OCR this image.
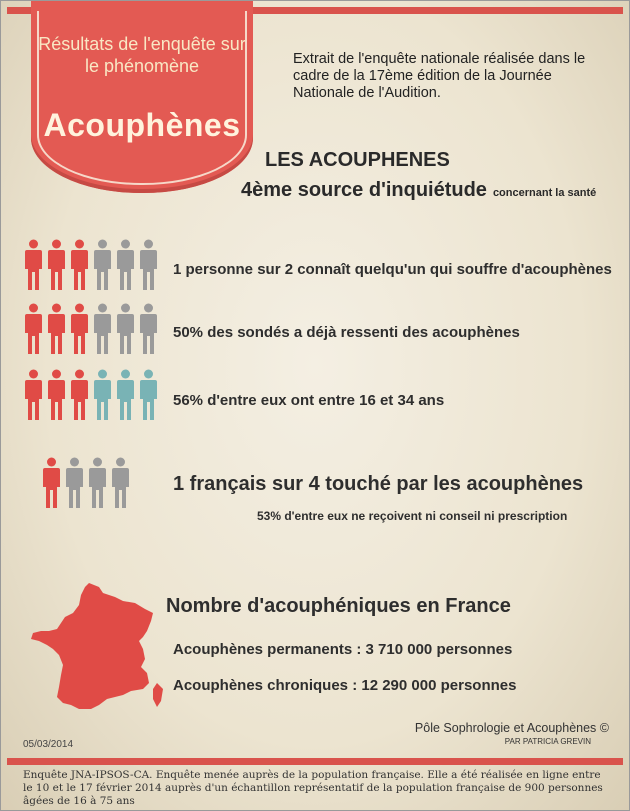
Résultats de l'enquête sur le phénomène
Acouphènes
Extrait de l'enquête nationale réalisée dans le cadre de la 17ème édition de la Journée Nationale de l'Audition.
LES ACOUPHENES
4ème source d'inquiétude concernant la santé
1 personne sur 2 connaît quelqu'un qui souffre d'acouphènes
50% des sondés a déjà ressenti des acouphènes
56% d'entre eux ont entre 16 et 34 ans
1 français sur 4 touché par les acouphènes
53% d'entre eux ne reçoivent ni conseil ni prescription
Nombre d'acouphéniques en France
Acouphènes permanents : 3 710 000 personnes
Acouphènes chroniques : 12 290 000 personnes
05/03/2014
Pôle Sophrologie et Acouphènes ©
PAR PATRICIA GREVIN
Enquête JNA-IPSOS-CA. Enquête menée auprès de la population française. Elle a été réalisée en ligne entre le 10 et le 17 février 2014 auprès d'un échantillon représentatif de la population française de 900 personnes âgées de 16 à 75 ans
